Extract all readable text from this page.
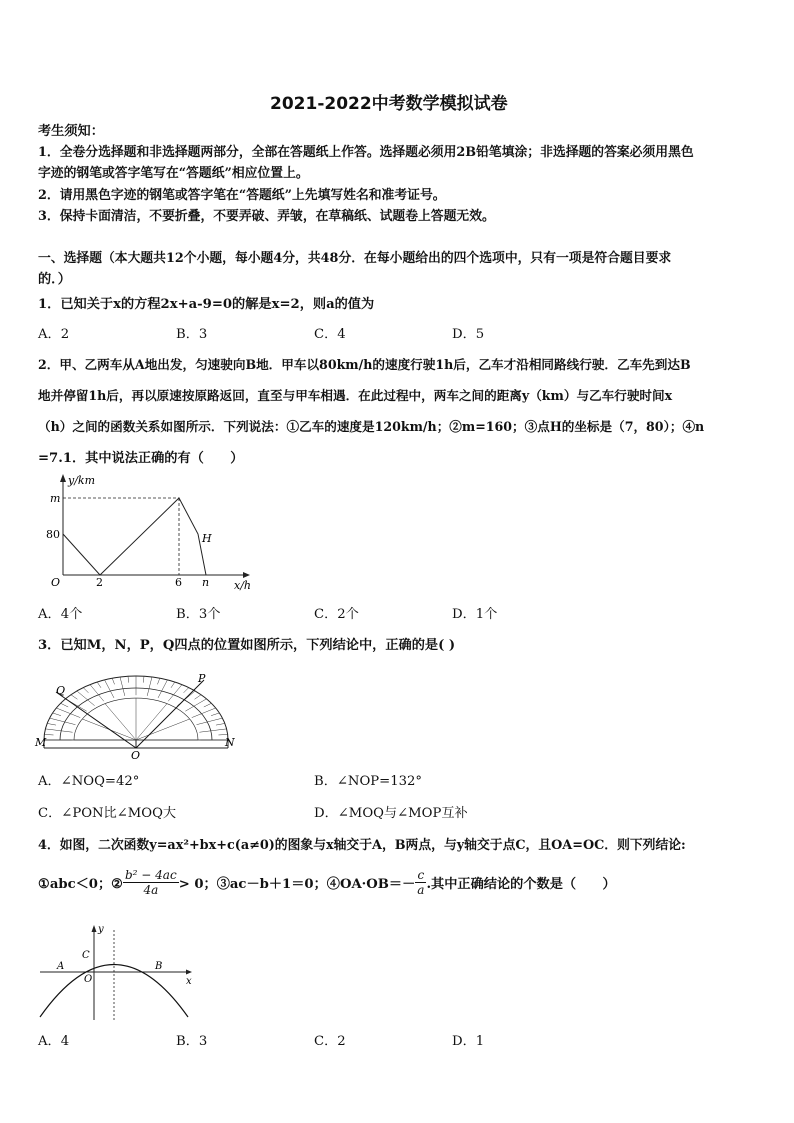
2021-2022中考数学模拟试卷
考生须知：
1．全卷分选择题和非选择题两部分，全部在答题纸上作答。选择题必须用2B铅笔填涂；非选择题的答案必须用黑色
字迹的钢笔或答字笔写在“答题纸”相应位置上。
2．请用黑色字迹的钢笔或答字笔在“答题纸”上先填写姓名和准考证号。
3．保持卡面清洁，不要折叠，不要弄破、弄皱，在草稿纸、试题卷上答题无效。
一、选择题（本大题共12个小题，每小题4分，共48分．在每小题给出的四个选项中，只有一项是符合题目要求
的．）
1．已知关于x的方程2x+a-9=0的解是x=2，则a的值为
A．2	B．3	C．4	D．5
2．甲、乙两车从A地出发，匀速驶向B地．甲车以80km/h的速度行驶1h后，乙车才沿相同路线行驶．乙车先到达B
地并停留1h后，再以原速按原路返回，直至与甲车相遇．在此过程中，两车之间的距离y（km）与乙车行驶时间x
（h）之间的函数关系如图所示．下列说法：①乙车的速度是120km/h；②m=160；③点H的坐标是（7，80）；④n
=7.1．其中说法正确的有（　　）
y/km
m
80
O	2	6 n x/h
H
A．4个	B．3个	C．2个	D．1个
3．已知M，N，P，Q四点的位置如图所示，下列结论中，正确的是( )
Q
P
M	N
O
A．∠NOQ=42°	B．∠NOP=132°
C．∠PON比∠MOQ大	D．∠MOQ与∠MOP互补
4．如图，二次函数y=ax²+bx+c(a≠0)的图象与x轴交于A，B两点，与y轴交于点C，且OA=OC．则下列结论:
①abc＜0；② $\frac{\text{b² − 4ac}}{4a} > 0$；③ac－b＋1＝0；④OA·OB＝－ $\frac{c}{a}$ .其中正确结论的个数是（　　）
y
C
A
O
B
x
A．4	B．3	C．2	D．1
